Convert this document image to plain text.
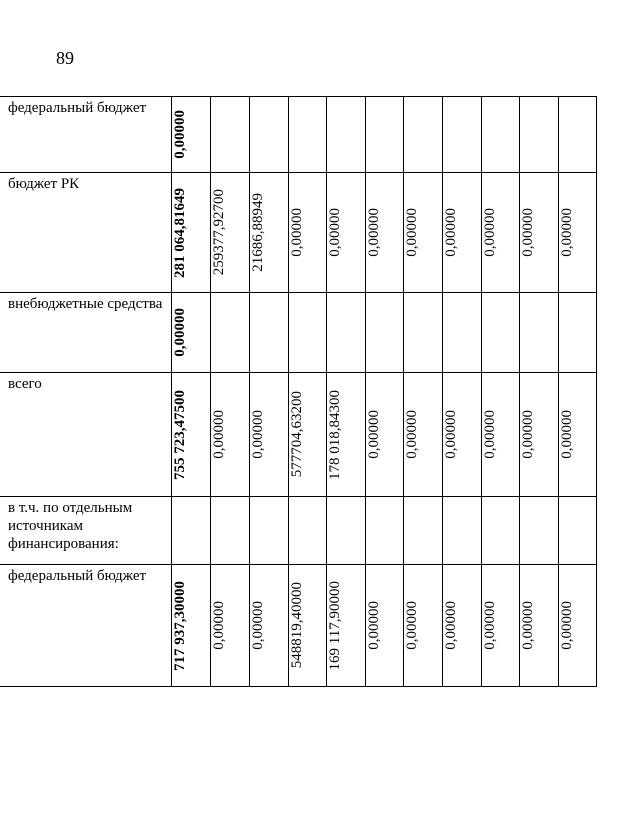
89
федеральный бюджет	0,00000										

бюджет РК	281 064,81649	259377,92700	21686,88949	0,00000	0,00000	0,00000	0,00000	0,00000	0,00000	0,00000	0,00000

внебюджетные средства	0,00000										

всего	755 723,47500	0,00000	0,00000	577704,63200	178 018,84300	0,00000	0,00000	0,00000	0,00000	0,00000	0,00000

в т.ч. по отдельным источникам финансирования:	

федеральный бюджет	717 937,30000	0,00000	0,00000	548819,40000	169 117,90000	0,00000	0,00000	0,00000	0,00000	0,00000	0,00000
